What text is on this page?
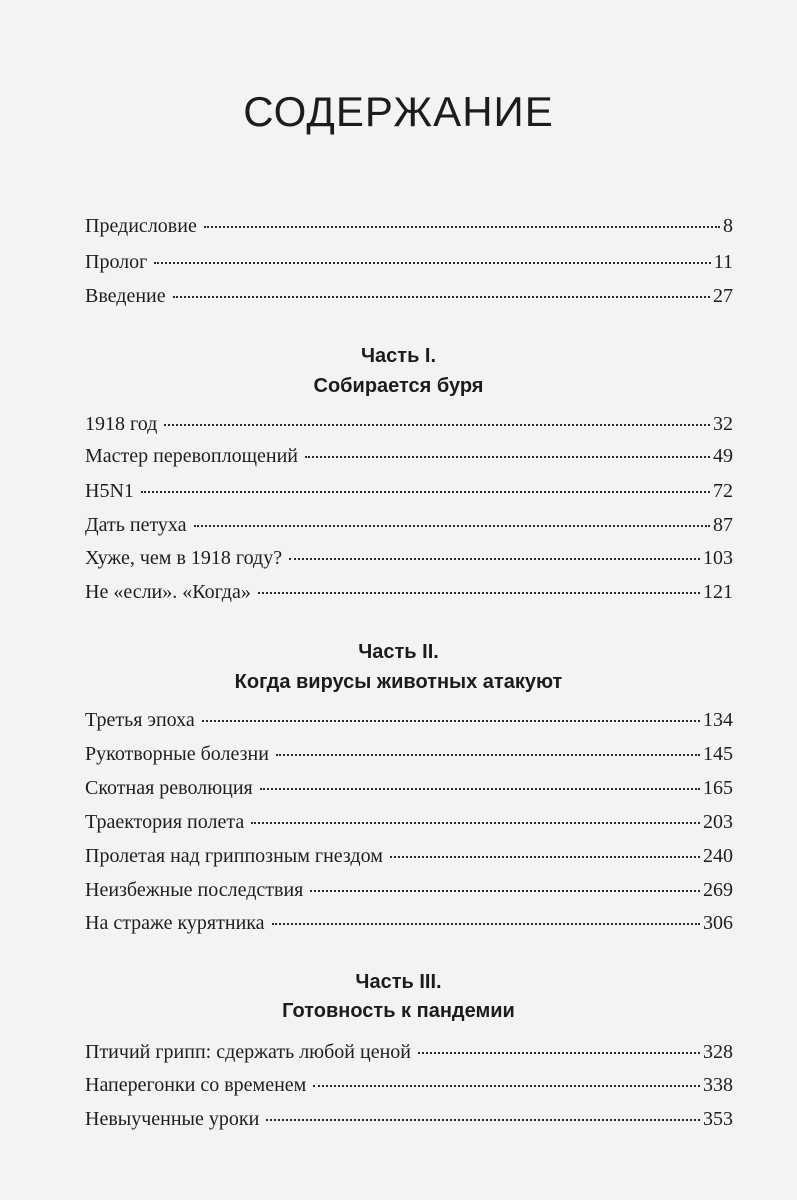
СОДЕРЖАНИЕ
Предисловие	8
Пролог	11
Введение	27
Часть I.
Собирается буря
1918 год	32
Мастер перевоплощений	49
H5N1	72
Дать петуха	87
Хуже, чем в 1918 году?	103
Не «если». «Когда»	121
Часть II.
Когда вирусы животных атакуют
Третья эпоха	134
Рукотворные болезни	145
Скотная революция	165
Траектория полета	203
Пролетая над гриппозным гнездом	240
Неизбежные последствия	269
На страже курятника	306
Часть III.
Готовность к пандемии
Птичий грипп: сдержать любой ценой	328
Наперегонки со временем	338
Невыученные уроки	353
